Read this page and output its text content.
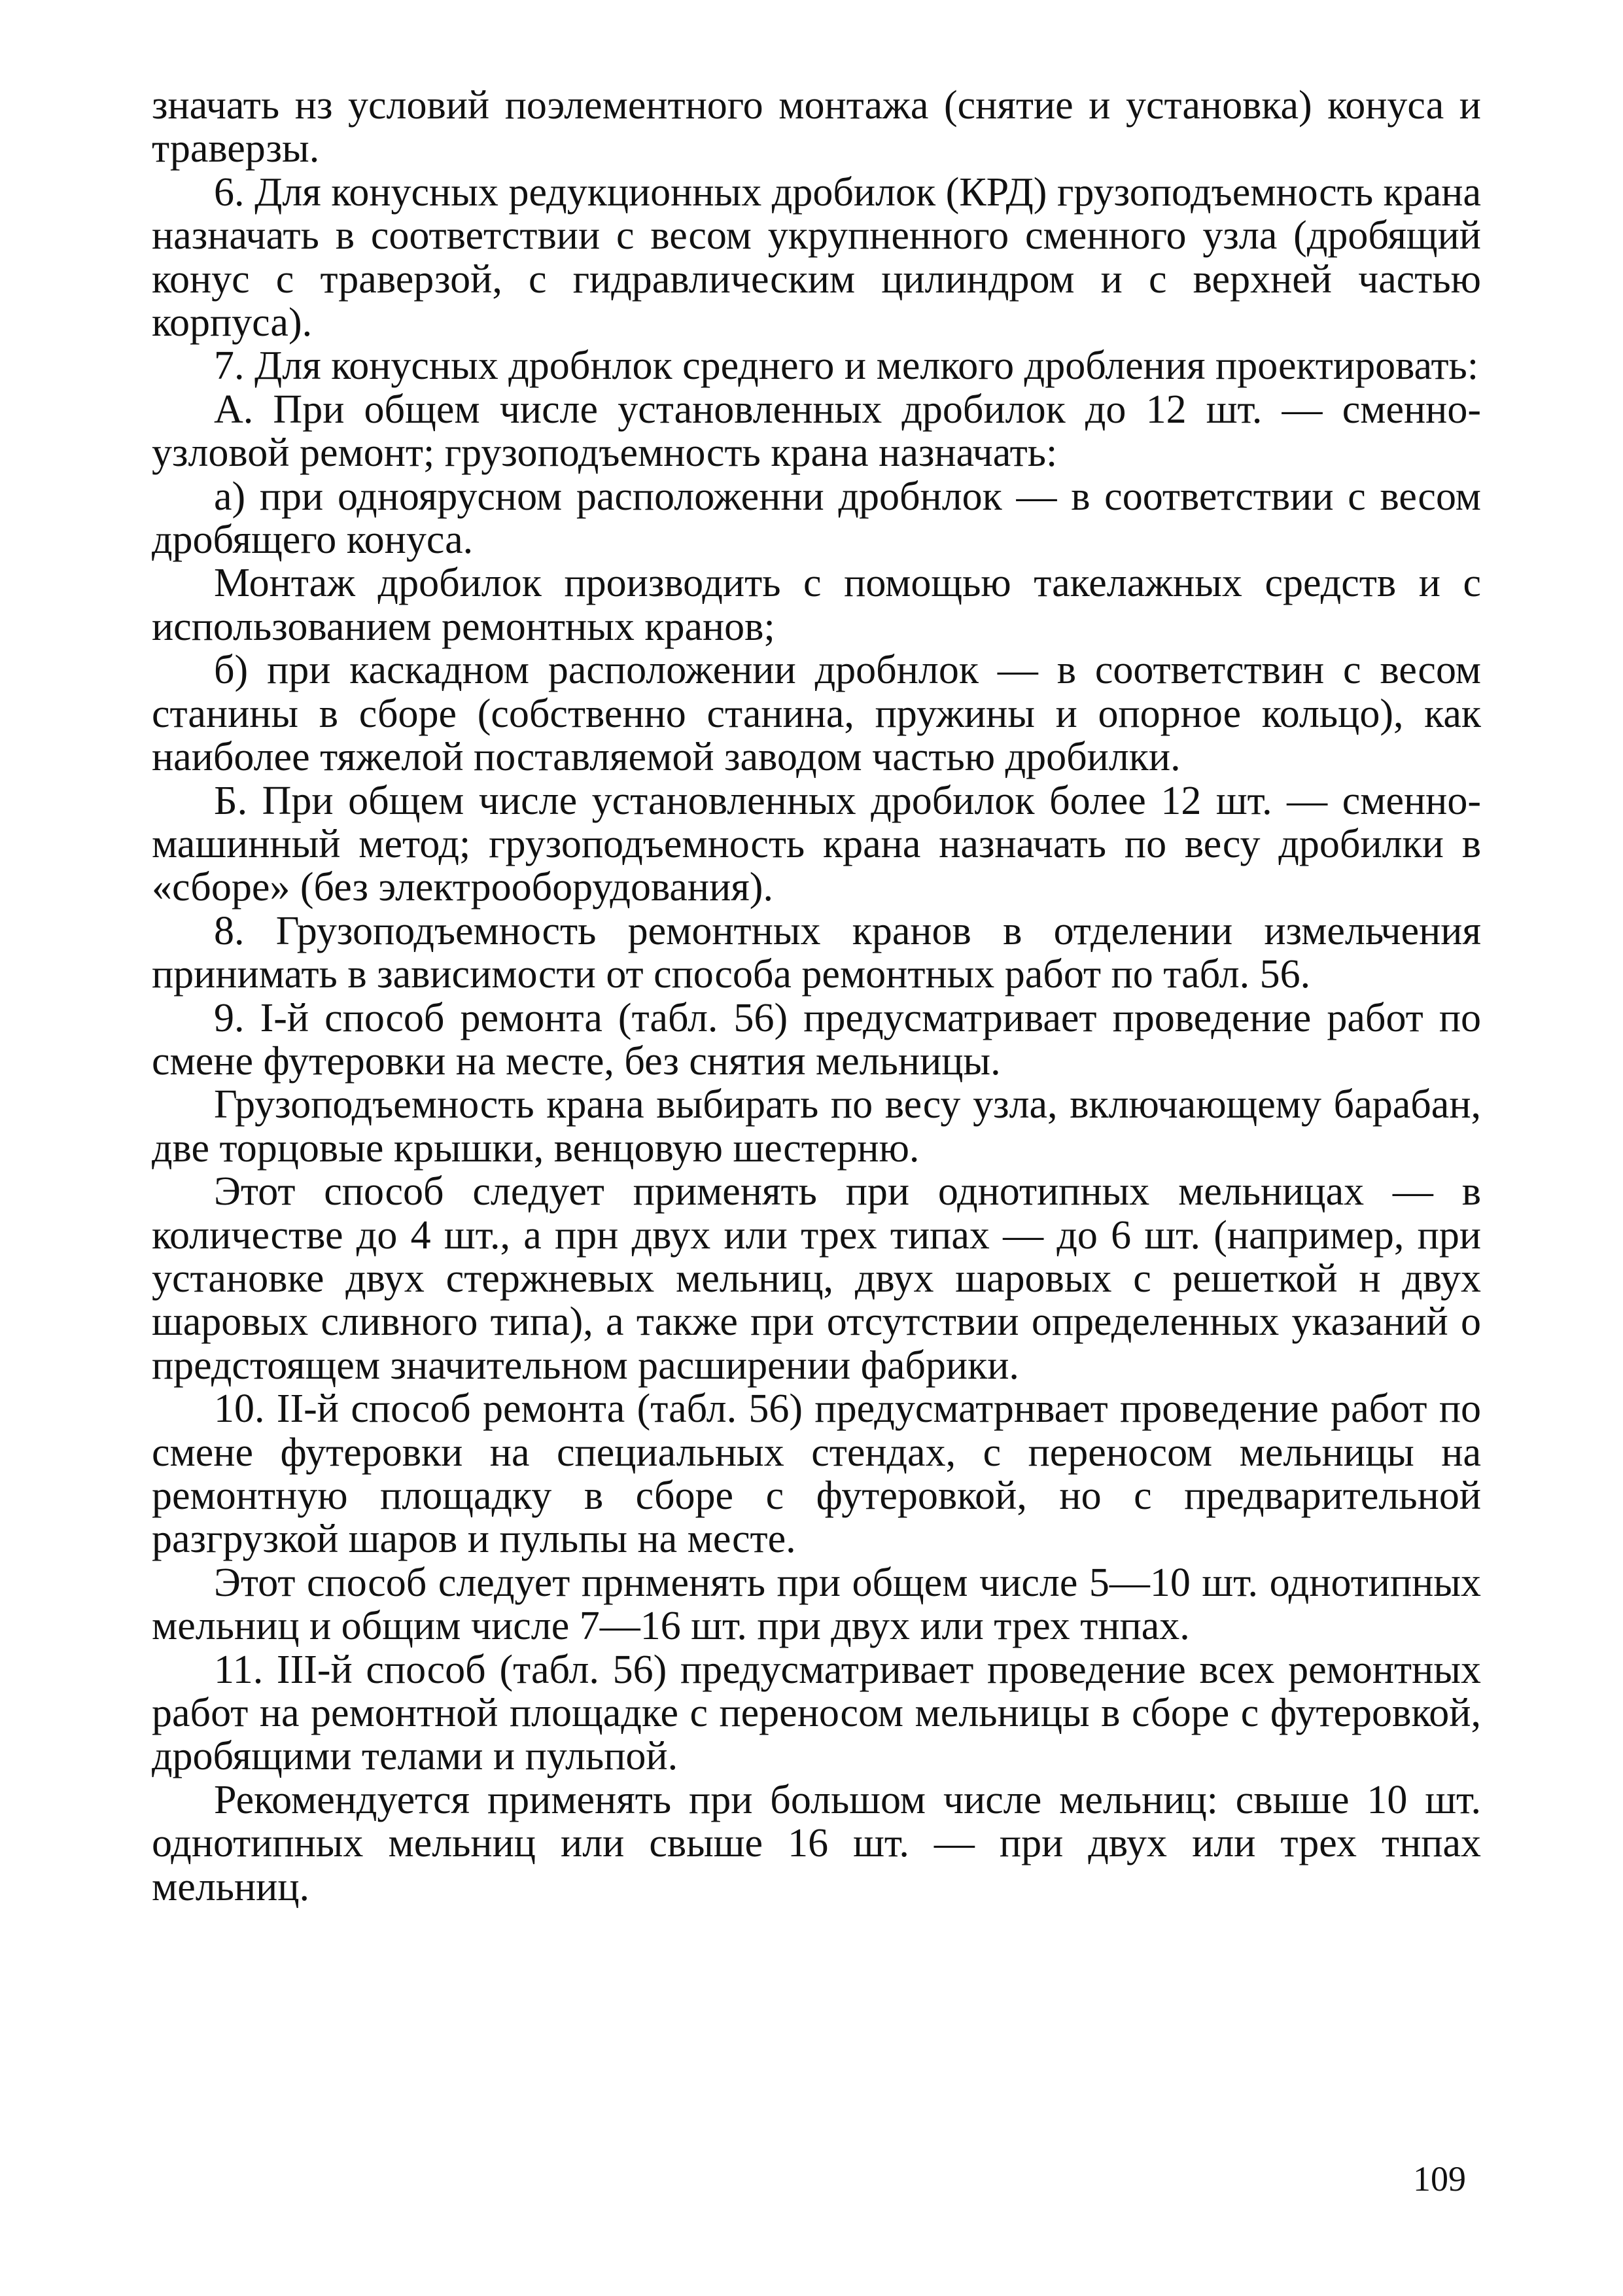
значать нз условий поэлементного монтажа (снятие и установка) конуса и траверзы.

6. Для конусных редукционных дробилок (КРД) грузоподъемность крана назначать в соответствии с весом укрупненного сменного узла (дробящий конус с траверзой, с гидравлическим цилиндром и с верхней частью корпуса).

7. Для конусных дробнлок среднего и мелкого дробления проектировать:

А. При общем числе установленных дробилок до 12 шт. — сменно-узловой ремонт; грузоподъемность крана назначать:

а) при одноярусном расположенни дробнлок — в соответствии с весом дробящего конуса.

Монтаж дробилок производить с помощью такелажных средств и с использованием ремонтных кранов;

б) при каскадном расположении дробнлок — в соответствин с весом станины в сборе (собственно станина, пружины и опорное кольцо), как наиболее тяжелой поставляемой заводом частью дробилки.

Б. При общем числе установленных дробилок более 12 шт. — сменно-машинный метод; грузоподъемность крана назначать по весу дробилки в «сборе» (без электрооборудования).

8. Грузоподъемность ремонтных кранов в отделении измельчения принимать в зависимости от способа ремонтных работ по табл. 56.

9. I-й способ ремонта (табл. 56) предусматривает проведение работ по смене футеровки на месте, без снятия мельницы.

Грузоподъемность крана выбирать по весу узла, включающему барабан, две торцовые крышки, венцовую шестерню.

Этот способ следует применять при однотипных мельницах — в количестве до 4 шт., а прн двух или трех типах — до 6 шт. (например, при установке двух стержневых мельниц, двух шаровых с решеткой н двух шаровых сливного типа), а также при отсутствии определенных указаний о предстоящем значительном расширении фабрики.

10. II-й способ ремонта (табл. 56) предусматрнвает проведение работ по смене футеровки на специальных стендах, с переносом мельницы на ремонтную площадку в сборе с футеровкой, но с предварительной разгрузкой шаров и пульпы на месте.

Этот способ следует прнменять при общем числе 5—10 шт. однотипных мельниц и общим числе 7—16 шт. при двух или трех тнпах.

11. III-й способ (табл. 56) предусматривает проведение всех ремонтных работ на ремонтной площадке с переносом мельницы в сборе с футеровкой, дробящими телами и пульпой.

Рекомендуется применять при большом числе мельниц: свыше 10 шт. однотипных мельниц или свыше 16 шт. — при двух или трех тнпах мельниц.

109
